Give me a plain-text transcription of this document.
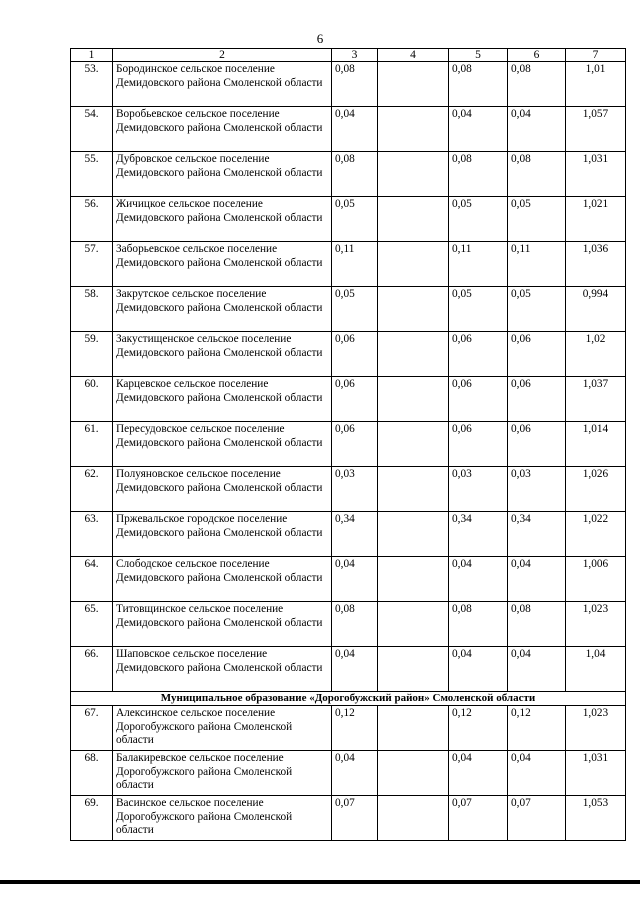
6
1	2	3	4	5	6	7
53.	Бородинское сельское поселение Демидовского района Смоленской области	0,08		0,08	0,08	1,01
54.	Воробьевское сельское поселение Демидовского района Смоленской области	0,04		0,04	0,04	1,057
55.	Дубровское сельское поселение Демидовского района Смоленской области	0,08		0,08	0,08	1,031
56.	Жичицкое сельское поселение Демидовского района Смоленской области	0,05		0,05	0,05	1,021
57.	Заборьевское сельское поселение Демидовского района Смоленской области	0,11		0,11	0,11	1,036
58.	Закрутское сельское поселение Демидовского района Смоленской области	0,05		0,05	0,05	0,994
59.	Закустищенское сельское поселение Демидовского района Смоленской области	0,06		0,06	0,06	1,02
60.	Карцевское сельское поселение Демидовского района Смоленской области	0,06		0,06	0,06	1,037
61.	Пересудовское сельское поселение Демидовского района Смоленской области	0,06		0,06	0,06	1,014
62.	Полуяновское сельское поселение Демидовского района Смоленской области	0,03		0,03	0,03	1,026
63.	Пржевальское городское поселение Демидовского района Смоленской области	0,34		0,34	0,34	1,022
64.	Слободское сельское поселение Демидовского района Смоленской области	0,04		0,04	0,04	1,006
65.	Титовщинское сельское поселение Демидовского района Смоленской области	0,08		0,08	0,08	1,023
66.	Шаповское сельское поселение Демидовского района Смоленской области	0,04		0,04	0,04	1,04
Муниципальное образование «Дорогобужский район» Смоленской области						
67.	Алексинское сельское поселение Дорогобужского района Смоленской области	0,12		0,12	0,12	1,023
68.	Балакиревское сельское поселение Дорогобужского района Смоленской области	0,04		0,04	0,04	1,031
69.	Васинское сельское поселение Дорогобужского района Смоленской области	0,07		0,07	0,07	1,053
